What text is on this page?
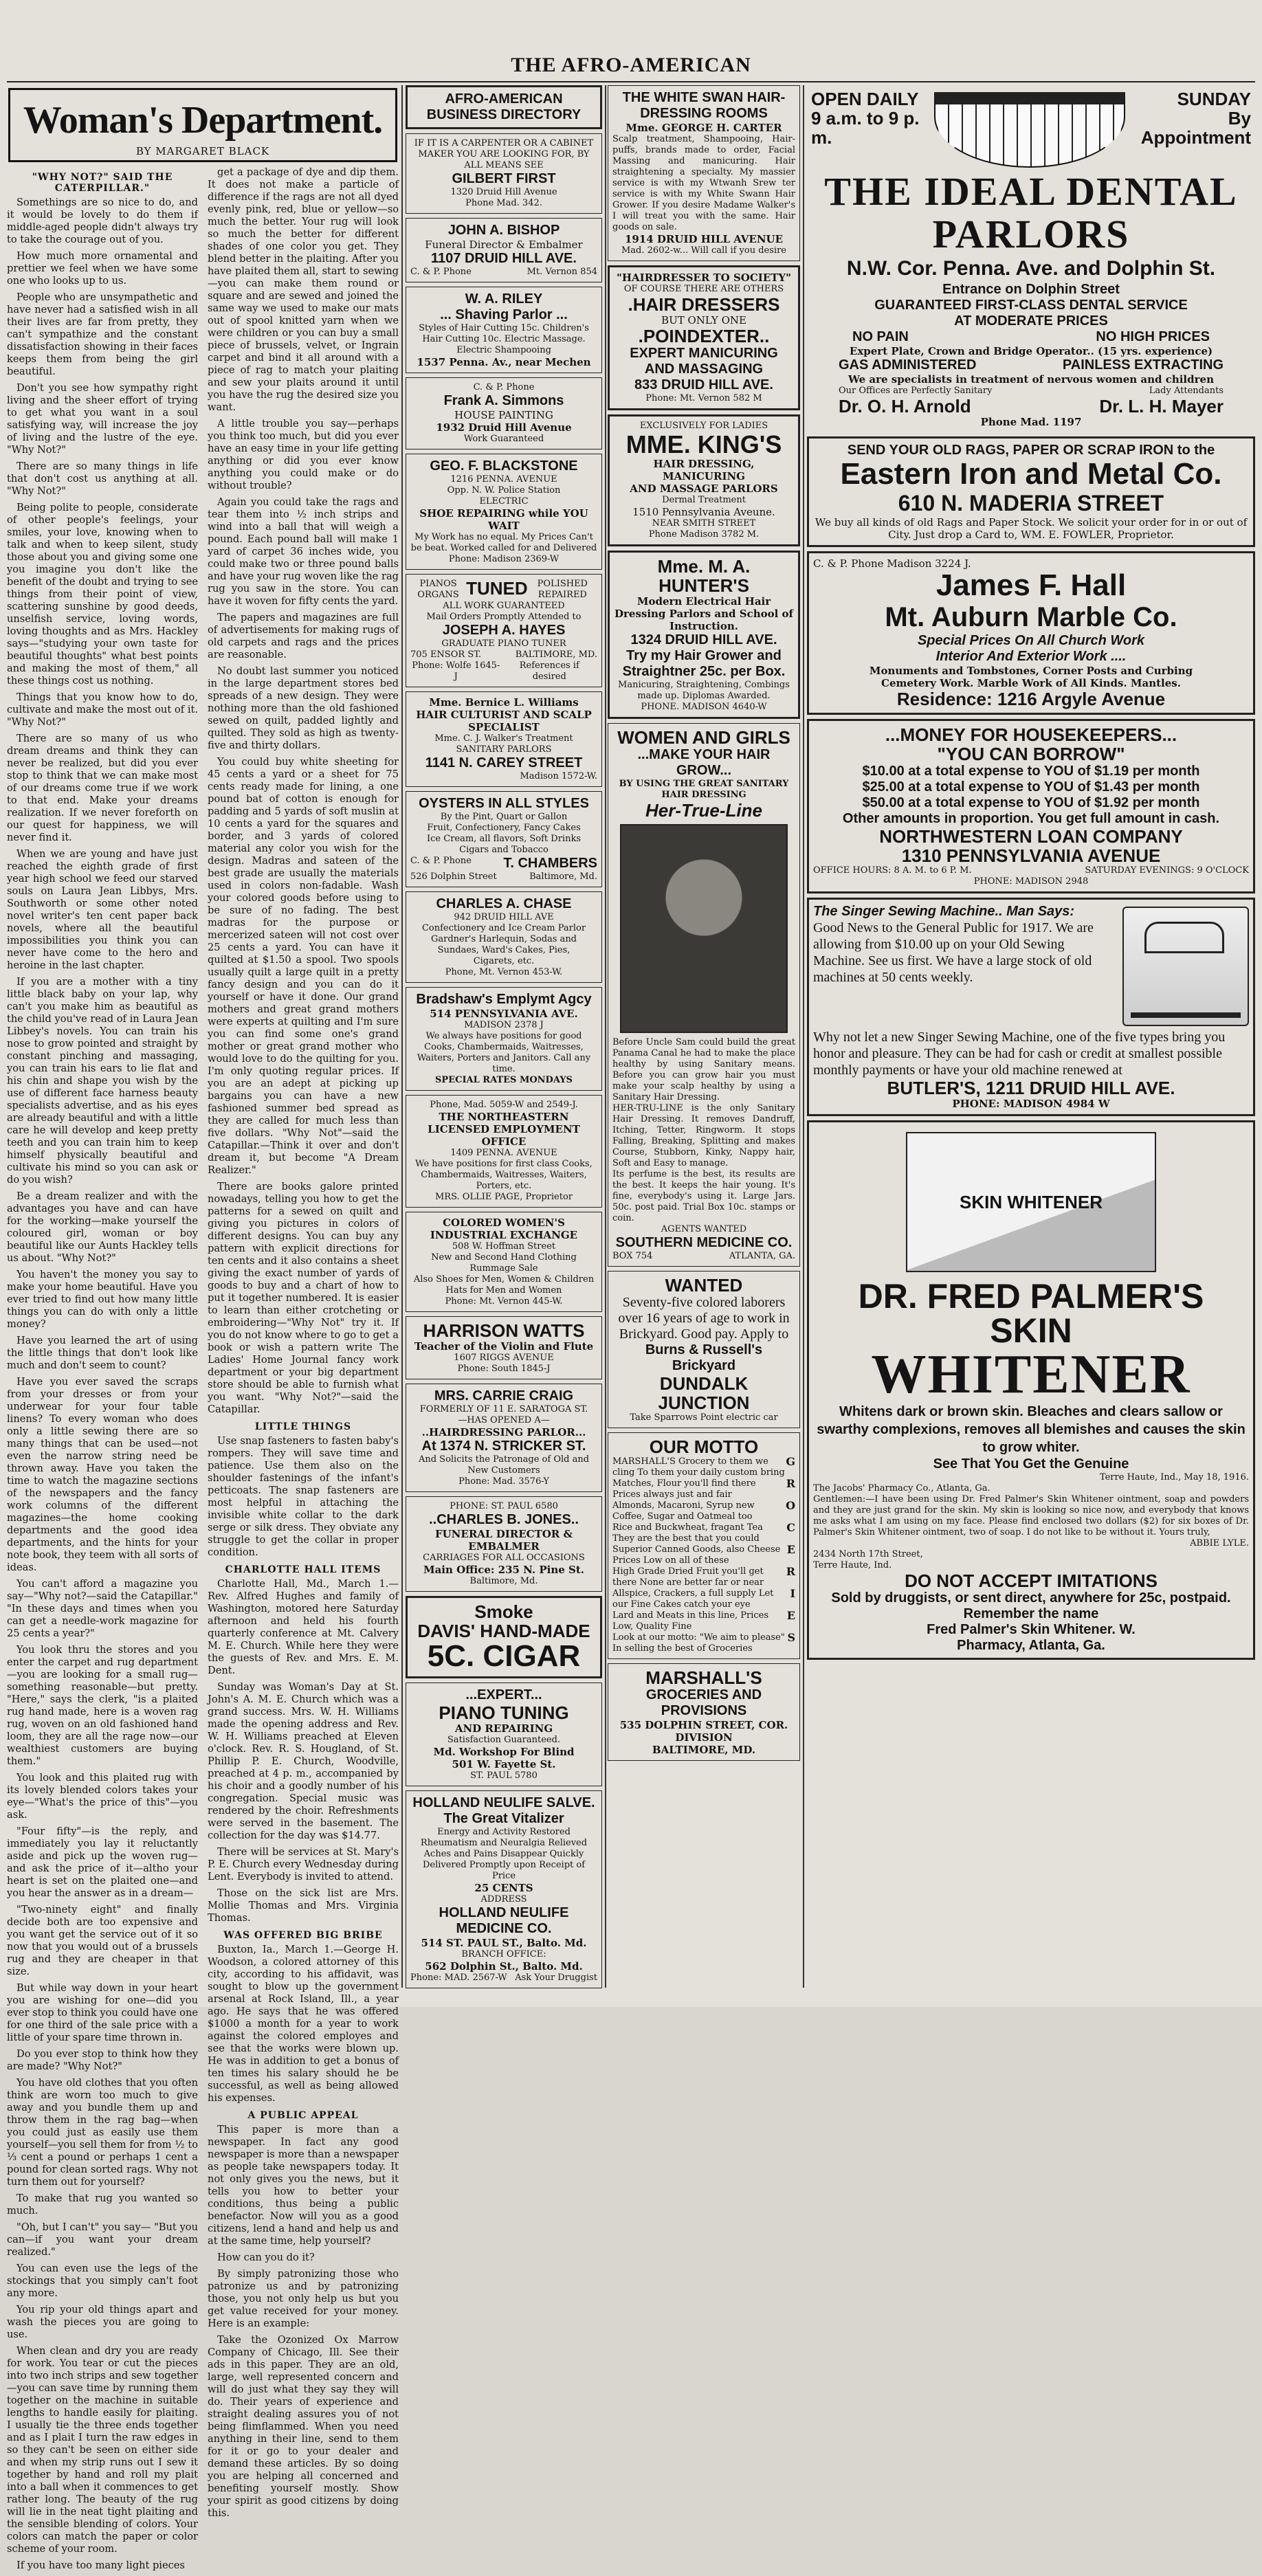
THE AFRO-AMERICAN
Woman's Department.
BY MARGARET BLACK
"WHY NOT?" SAID THE CATERPILLAR."

Somethings are so nice to do, and it would be lovely to do them if middle-aged people didn't always try to take the courage out of you.

How much more ornamental and prettier we feel when we have some one who looks up to us.

People who are unsympathetic and have never had a satisfied wish in all their lives are far from pretty, they can't sympathize and the constant dissatisfaction showing in their faces keeps them from being the girl beautiful.

Don't you see how sympathy right living and the sheer effort of trying to get what you want in a soul satisfying way, will increase the joy of living and the lustre of the eye. "Why Not?"

There are so many things in life that don't cost us anything at all. "Why Not?"

Being polite to people, considerate of other people's feelings, your smiles, your love, knowing when to talk and when to keep silent, study those about you and giving some one you imagine you don't like the benefit of the doubt and trying to see things from their point of view, scattering sunshine by good deeds, unselfish service, loving words, loving thoughts and as Mrs. Hackley says—"studying your own taste for beautiful thoughts" what best points and making the most of them," all these things cost us nothing.

Things that you know how to do, cultivate and make the most out of it. "Why Not?"

There are so many of us who dream dreams and think they can never be realized, but did you ever stop to think that we can make most of our dreams come true if we work to that end. Make your dreams realization. If we never foreforth on our quest for happiness, we will never find it.

When we are young and have just reached the eighth grade of first year high school we feed our starved souls on Laura Jean Libbys, Mrs. Southworth or some other noted novel writer's ten cent paper back novels, where all the beautiful impossibilities you think you can never have come to the hero and heroine in the last chapter.

If you are a mother with a tiny little black baby on your lap, why can't you make him as beautiful as the child you've read of in Laura Jean Libbey's novels. You can train his nose to grow pointed and straight by constant pinching and massaging, you can train his ears to lie flat and his chin and shape you wish by the use of different face harness beauty specialists advertise, and as his eyes are already beautiful and with a little care he will develop and keep pretty teeth and you can train him to keep himself physically beautiful and cultivate his mind so you can ask or do you wish?

Be a dream realizer and with the advantages you have and can have for the working—make yourself the coloured girl, woman or boy beautiful like our Aunts Hackley tells us about. "Why Not?"

You haven't the money you say to make your home beautiful. Have you ever tried to find out how many little things you can do with only a little money?

Have you learned the art of using the little things that don't look like much and don't seem to count?

Have you ever saved the scraps from your dresses or from your underwear for your four table linens? To every woman who does only a little sewing there are so many things that can be used—not even the narrow string need be thrown away. Have you taken the time to watch the magazine sections of the newspapers and the fancy work columns of the different magazines—the home cooking departments and the good idea departments, and the hints for your note book, they teem with all sorts of ideas.

You can't afford a magazine you say—"Why not?—said the Catapillar." "In these days and times when you can get a needle-work magazine for 25 cents a year?"

You look thru the stores and you enter the carpet and rug department—you are looking for a small rug—something reasonable—but pretty. "Here," says the clerk, "is a plaited rug hand made, here is a woven rag rug, woven on an old fashioned hand loom, they are all the rage now—our wealthiest customers are buying them."

You look and this plaited rug with its lovely blended colors takes your eye—"What's the price of this"—you ask.

"Four fifty"—is the reply, and immediately you lay it reluctantly aside and pick up the woven rug—and ask the price of it—altho your heart is set on the plaited one—and you hear the answer as in a dream—

"Two-ninety eight" and finally decide both are too expensive and you want get the service out of it so now that you would out of a brussels rug and they are cheaper in that size.

But while way down in your heart you are wishing for one—did you ever stop to think you could have one for one third of the sale price with a little of your spare time thrown in.

Do you ever stop to think how they are made? "Why Not?"

You have old clothes that you often think are worn too much to give away and you bundle them up and throw them in the rag bag—when you could just as easily use them yourself—you sell them for from ½ to ⅓ cent a pound or perhaps 1 cent a pound for clean sorted rags. Why not turn them out for yourself?

To make that rug you wanted so much.

"Oh, but I can't" you say— "But you can—if you want your dream realized."

You can even use the legs of the stockings that you simply can't foot any more.

You rip your old things apart and wash the pieces you are going to use.

When clean and dry you are ready for work. You tear or cut the pieces into two inch strips and sew together—you can save time by running them together on the machine in suitable lengths to handle easily for plaiting. I usually tie the three ends together and as I plait I turn the raw edges in so they can't be seen on either side and when my strip runs out I sew it together by hand and roll my plait into a ball when it commences to get rather long. The beauty of the rug will lie in the neat tight plaiting and the sensible blending of colors. Your colors can match the paper or color scheme of your room.

If you have too many light pieces

get a package of dye and dip them. It does not make a particle of difference if the rags are not all dyed evenly pink, red, blue or yellow—so much the better. Your rug will look so much the better for different shades of one color you get. They blend better in the plaiting. After you have plaited them all, start to sewing—you can make them round or square and are sewed and joined the same way we used to make our mats out of spool knitted yarn when we were children or you can buy a small piece of brussels, velvet, or Ingrain carpet and bind it all around with a piece of rag to match your plaiting and sew your plaits around it until you have the rug the desired size you want.

A little trouble you say—perhaps you think too much, but did you ever have an easy time in your life getting anything or did you ever know anything you could make or do without trouble?

Again you could take the rags and tear them into ½ inch strips and wind into a ball that will weigh a pound. Each pound ball will make 1 yard of carpet 36 inches wide, you could make two or three pound balls and have your rug woven like the rag rug you saw in the store. You can have it woven for fifty cents the yard.

The papers and magazines are full of advertisements for making rugs of old carpets and rags and the prices are reasonable.

No doubt last summer you noticed in the large department stores bed spreads of a new design. They were nothing more than the old fashioned sewed on quilt, padded lightly and quilted. They sold as high as twenty-five and thirty dollars.

You could buy white sheeting for 45 cents a yard or a sheet for 75 cents ready made for lining, a one pound bat of cotton is enough for padding and 5 yards of soft muslin at 10 cents a yard for the squares and border, and 3 yards of colored material any color you wish for the design. Madras and sateen of the best grade are usually the materials used in colors non-fadable. Wash your colored goods before using to be sure of no fading. The best madras for the purpose or mercerized sateen will not cost over 25 cents a yard. You can have it quilted at $1.50 a spool. Two spools usually quilt a large quilt in a pretty fancy design and you can do it yourself or have it done. Our grand mothers and great grand mothers were experts at quilting and I'm sure you can find some one's grand mother or great grand mother who would love to do the quilting for you. I'm only quoting regular prices. If you are an adept at picking up bargains you can have a new fashioned summer bed spread as they are called for much less than five dollars. "Why Not"—said the Catapillar.—Think it over and don't dream it, but become "A Dream Realizer."

There are books galore printed nowadays, telling you how to get the patterns for a sewed on quilt and giving you pictures in colors of different designs. You can buy any pattern with explicit directions for ten cents and it also contains a sheet giving the exact number of yards of goods to buy and a chart of how to put it together numbered. It is easier to learn than either crotcheting or embroidering—"Why Not" try it. If you do not know where to go to get a book or wish a pattern write The Ladies' Home Journal fancy work department or your big department store should be able to furnish what you want. "Why Not?"—said the Catapillar.

LITTLE THINGS

Use snap fasteners to fasten baby's rompers. They will save time and patience. Use them also on the shoulder fastenings of the infant's petticoats. The snap fasteners are most helpful in attaching the invisible white collar to the dark serge or silk dress. They obviate any struggle to get the collar in proper condition.

CHARLOTTE HALL ITEMS

Charlotte Hall, Md., March 1.—Rev. Alfred Hughes and family of Washington, motored here Saturday afternoon and held his fourth quarterly conference at Mt. Calvery M. E. Church. While here they were the guests of Rev. and Mrs. E. M. Dent.

Sunday was Woman's Day at St. John's A. M. E. Church which was a grand success. Mrs. W. H. Williams made the opening address and Rev. W. H. Williams preached at Eleven o'clock. Rev. R. S. Hougland, of St. Phillip P. E. Church, Woodville, preached at 4 p. m., accompanied by his choir and a goodly number of his congregation. Special music was rendered by the choir. Refreshments were served in the basement. The collection for the day was $14.77.

There will be services at St. Mary's P. E. Church every Wednesday during Lent. Everybody is invited to attend.

Those on the sick list are Mrs. Mollie Thomas and Mrs. Virginia Thomas.

WAS OFFERED BIG BRIBE

Buxton, Ia., March 1.—George H. Woodson, a colored attorney of this city, according to his affidavit, was sought to blow up the government arsenal at Rock Island, Ill., a year ago. He says that he was offered $1000 a month for a year to work against the colored employes and see that the works were blown up. He was in addition to get a bonus of ten times his salary should he be successful, as well as being allowed his expenses.

A PUBLIC APPEAL

This paper is more than a newspaper. In fact any good newspaper is more than a newspaper as people take newspapers today. It not only gives you the news, but it tells you how to better your conditions, thus being a public benefactor. Now will you as a good citizens, lend a hand and help us and at the same time, help yourself?

How can you do it?

By simply patronizing those who patronize us and by patronizing those, you not only help us but you get value received for your money. Here is an example:

Take the Ozonized Ox Marrow Company of Chicago, Ill. See their ads in this paper. They are an old, large, well represented concern and will do just what they say they will do. Their years of experience and straight dealing assures you of not being flimflammed. When you need anything in their line, send to them for it or go to your dealer and demand these articles. By so doing you are helping all concerned and benefiting yourself mostly. Show your spirit as good citizens by doing this.

AFRO-AMERICAN BUSINESS DIRECTORY
IF IT IS A CARPENTER OR A CABINET MAKER YOU ARE LOOKING FOR, BY ALL MEANS SEE
GILBERT FIRST
1320 Druid Hill Avenue
Phone Mad. 342.
JOHN A. BISHOP
Funeral Director & Embalmer
1107 DRUID HILL AVE.
C. & P. Phone	Mt. Vernon 854
W. A. RILEY
... Shaving Parlor ...
Styles of Hair Cutting 15c. Children's Hair Cutting 10c. Electric Massage. Electric Shampooing
1537 Penna. Av., near Mechen
C. & P. Phone
Frank A. Simmons
HOUSE PAINTING
1932 Druid Hill Avenue
Work Guaranteed
GEO. F. BLACKSTONE
1216 PENNA. AVENUE
Opp. N. W. Police Station
ELECTRIC
SHOE REPAIRING while YOU WAIT
My Work has no equal. My Prices Can't be beat. Worked called for and Delivered
Phone: Madison 2369-W
PIANOS ORGANS TUNED	POLISHED REPAIRED
ALL WORK GUARANTEED
Mail Orders Promptly Attended to
JOSEPH A. HAYES
GRADUATE PIANO TUNER
705 ENSOR ST.	BALTIMORE, MD.
Phone: Wolfe 1645-J
References if desired
Mme. Bernice L. Williams
HAIR CULTURIST AND SCALP SPECIALIST
Mme. C. J. Walker's Treatment
SANITARY PARLORS
1141 N. CAREY STREET
Madison 1572-W.
OYSTERS IN ALL STYLES
By the Pint, Quart or Gallon
Fruit, Confectionery, Fancy Cakes
Ice Cream, all flavors, Soft Drinks
Cigars and Tobacco
C. & P. Phone T. CHAMBERS
526 Dolphin Street	Baltimore, Md.
CHARLES A. CHASE
942 DRUID HILL AVE
Confectionery and Ice Cream Parlor
Gardner's Harlequin, Sodas and
Sundaes, Ward's Cakes, Pies,
Cigarets, etc.
Phone, Mt. Vernon 453-W.
Bradshaw's Emplymt Agcy
514 PENNSYLVANIA AVE.
MADISON 2378 J
We always have positions for good Cooks, Chambermaids, Waitresses, Waiters, Porters and Janitors. Call any time.
SPECIAL RATES MONDAYS
Phone, Mad. 5059-W and 2549-J.
THE NORTHEASTERN LICENSED EMPLOYMENT OFFICE
1409 PENNA. AVENUE
We have positions for first class Cooks, Chambermaids, Waitresses, Waiters, Porters, etc.
MRS. OLLIE PAGE, Proprietor
COLORED WOMEN'S INDUSTRIAL EXCHANGE
508 W. Hoffman Street
New and Second Hand Clothing
Rummage Sale
Also Shoes for Men, Women & Children
Hats for Men and Women
Phone: Mt. Vernon 445-W.
HARRISON WATTS
Teacher of the Violin and Flute
1607 RIGGS AVENUE
Phone: South 1845-J
MRS. CARRIE CRAIG
FORMERLY OF 11 E. SARATOGA ST.
—HAS OPENED A—
..HAIRDRESSING PARLOR...
At 1374 N. STRICKER ST.
And Solicits the Patronage of Old and New Customers
Phone: Mad. 3576-Y
PHONE: ST. PAUL 6580
..CHARLES B. JONES..
FUNERAL DIRECTOR & EMBALMER
CARRIAGES FOR ALL OCCASIONS
Main Office: 235 N. Pine St.
Baltimore, Md.
Smoke
DAVIS' HAND-MADE
5C. CIGAR
...EXPERT...
PIANO TUNING
AND REPAIRING
Satisfaction Guaranteed.
Md. Workshop For Blind
501 W. Fayette St.
ST. PAUL 5780
HOLLAND NEULIFE SALVE.
The Great Vitalizer
Energy and Activity Restored
Rheumatism and Neuralgia Relieved
Aches and Pains Disappear Quickly
Delivered Promptly upon Receipt of Price
25 CENTS
ADDRESS
HOLLAND NEULIFE MEDICINE CO.
514 ST. PAUL ST., Balto. Md.
BRANCH OFFICE:
562 Dolphin St., Balto. Md.
Phone: MAD. 2567-W Ask Your Druggist
THE WHITE SWAN HAIR-DRESSING ROOMS
Mme. GEORGE H. CARTER
Scalp treatment, Shampooing, Hair-puffs, brands made to order, Facial Massing and manicuring. Hair straightening a specialty. My massier service is with my Wtwanh Srew ter service is with my White Swann Hair Grower. If you desire Madame Walker's I will treat you with the same. Hair goods on sale.
1914 DRUID HILL AVENUE
Mad. 2602-w... Will call if you desire
"HAIRDRESSER TO SOCIETY"
OF COURSE THERE ARE OTHERS
.HAIR DRESSERS
BUT ONLY ONE
.POINDEXTER..
EXPERT MANICURING
AND MASSAGING
833 DRUID HILL AVE.
Phone: Mt. Vernon 582 M
EXCLUSIVELY FOR LADIES
MME. KING'S
HAIR DRESSING, MANICURING
AND MASSAGE PARLORS
Dermal Treatment
1510 Pennsylvania Aveune.
NEAR SMITH STREET
Phone Madison 3782 M.
Mme. M. A. HUNTER'S
Modern Electrical Hair Dressing Parlors and School of Instruction.
1324 DRUID HILL AVE.
Try my Hair Grower and Straightner 25c. per Box.
Manicuring, Straightening, Combings made up. Diplomas Awarded.
PHONE. MADISON 4640-W
WOMEN AND GIRLS
...MAKE YOUR HAIR GROW...
BY USING THE GREAT SANITARY HAIR DRESSING
Her-True-Line
Before Uncle Sam could build the great Panama Canal he had to make the place healthy by using Sanitary means. Before you can grow hair you must make your scalp healthy by using a Sanitary Hair Dressing.
HER-TRU-LINE is the only Sanitary Hair Dressing. It removes Dandruff, Itching, Tetter, Ringworm. It stops Falling, Breaking, Splitting and makes Course, Stubborn, Kinky, Nappy hair, Soft and Easy to manage.
Its perfume is the best, its results are the best. It keeps the hair young. It's fine, everybody's using it. Large Jars. 50c. post paid. Trial Box 10c. stamps or coin.
AGENTS WANTED
SOUTHERN MEDICINE CO.
BOX 754	ATLANTA, GA.
WANTED
Seventy-five colored laborers over 16 years of age to work in Brickyard. Good pay. Apply to
Burns & Russell's Brickyard
DUNDALK JUNCTION
Take Sparrows Point electric car
OUR MOTTO
MARSHALL'S Grocery to them we cling To them your daily custom bring
G
Matches, Flour you'll find there Prices always just and fair
R
Almonds, Macaroni, Syrup new Coffee, Sugar and Oatmeal too
O
Rice and Buckwheat, fragant Tea They are the best that you could
C
Superior Canned Goods, also Cheese Prices Low on all of these
E
High Grade Dried Fruit you'll get there None are better far or near
R
Allspice, Crackers, a full supply Let our Fine Cakes catch your eye
I
Lard and Meats in this line, Prices Low, Quality Fine
E
Look at our motto: "We aim to please" In selling the best of Groceries
S
MARSHALL'S
GROCERIES AND PROVISIONS
535 DOLPHIN STREET, COR. DIVISION
BALTIMORE, MD.
OPEN DAILY
9 a.m. to 9 p. m.
SUNDAY
By Appointment
THE IDEAL DENTAL PARLORS
N.W. Cor. Penna. Ave. and Dolphin St.
Entrance on Dolphin Street
GUARANTEED FIRST-CLASS DENTAL SERVICE
AT MODERATE PRICES
NO PAIN	NO HIGH PRICES
Expert Plate, Crown and Bridge Operator.. (15 yrs. experience)
GAS ADMINISTERED	PAINLESS EXTRACTING
We are specialists in treatment of nervous women and children
Our Offices are Perfectly Sanitary	Lady Attendants
Dr. O. H. Arnold	Dr. L. H. Mayer
Phone Mad. 1197
SEND YOUR OLD RAGS, PAPER OR SCRAP IRON to the
Eastern Iron and Metal Co.
610 N. MADERIA STREET
We buy all kinds of old Rags and Paper Stock. We solicit your order for in or out of City. Just drop a Card to, WM. E. FOWLER, Proprietor.
C. & P. Phone Madison 3224 J.
James F. Hall
Mt. Auburn Marble Co.
Special Prices On All Church Work
Interior And Exterior Work ....
Monuments and Tombstones, Corner Posts and Curbing
Cemetery Work. Marble Work of All Kinds. Mantles.
Residence: 1216 Argyle Avenue
...MONEY FOR HOUSEKEEPERS...
"YOU CAN BORROW"
$10.00 at a total expense to YOU of $1.19 per month
$25.00 at a total expense to YOU of $1.43 per month
$50.00 at a total expense to YOU of $1.92 per month
Other amounts in proportion. You get full amount in cash.
NORTHWESTERN LOAN COMPANY
1310 PENNSYLVANIA AVENUE
OFFICE HOURS: 8 A. M. to 6 P. M.	SATURDAY EVENINGS: 9 O'CLOCK
PHONE: MADISON 2948
The Singer Sewing Machine.. Man Says:
Good News to the General Public for 1917. We are allowing from $10.00 up on your Old Sewing Machine. See us first. We have a large stock of old machines at 50 cents weekly.
Why not let a new Singer Sewing Machine, one of the five types bring you honor and pleasure. They can be had for cash or credit at smallest possible monthly payments or have your old machine renewed at
BUTLER'S, 1211 DRUID HILL AVE.
PHONE: MADISON 4984 W
SKIN WHITENER
DR. FRED PALMER'S
SKIN
WHITENER
Whitens dark or brown skin. Bleaches and clears sallow or swarthy complexions, removes all blemishes and causes the skin to grow whiter.
See That You Get the Genuine
Terre Haute, Ind., May 18, 1916.
The Jacobs' Pharmacy Co., Atlanta, Ga.
Gentlemen:—I have been using Dr. Fred Palmer's Skin Whitener ointment, soap and powders and they are just grand for the skin. My skin is looking so nice now, and everybody that knows me asks what I am using on my face. Please find enclosed two dollars ($2) for six boxes of Dr. Palmer's Skin Whitener ointment, two of soap. I do not like to be without it. Yours truly,
ABBIE LYLE.
2434 North 17th Street,
Terre Haute, Ind.
DO NOT ACCEPT IMITATIONS
Sold by druggists, or sent direct, anywhere for 25c, postpaid. Remember the name
Fred Palmer's Skin Whitener. W.
Pharmacy, Atlanta, Ga.
